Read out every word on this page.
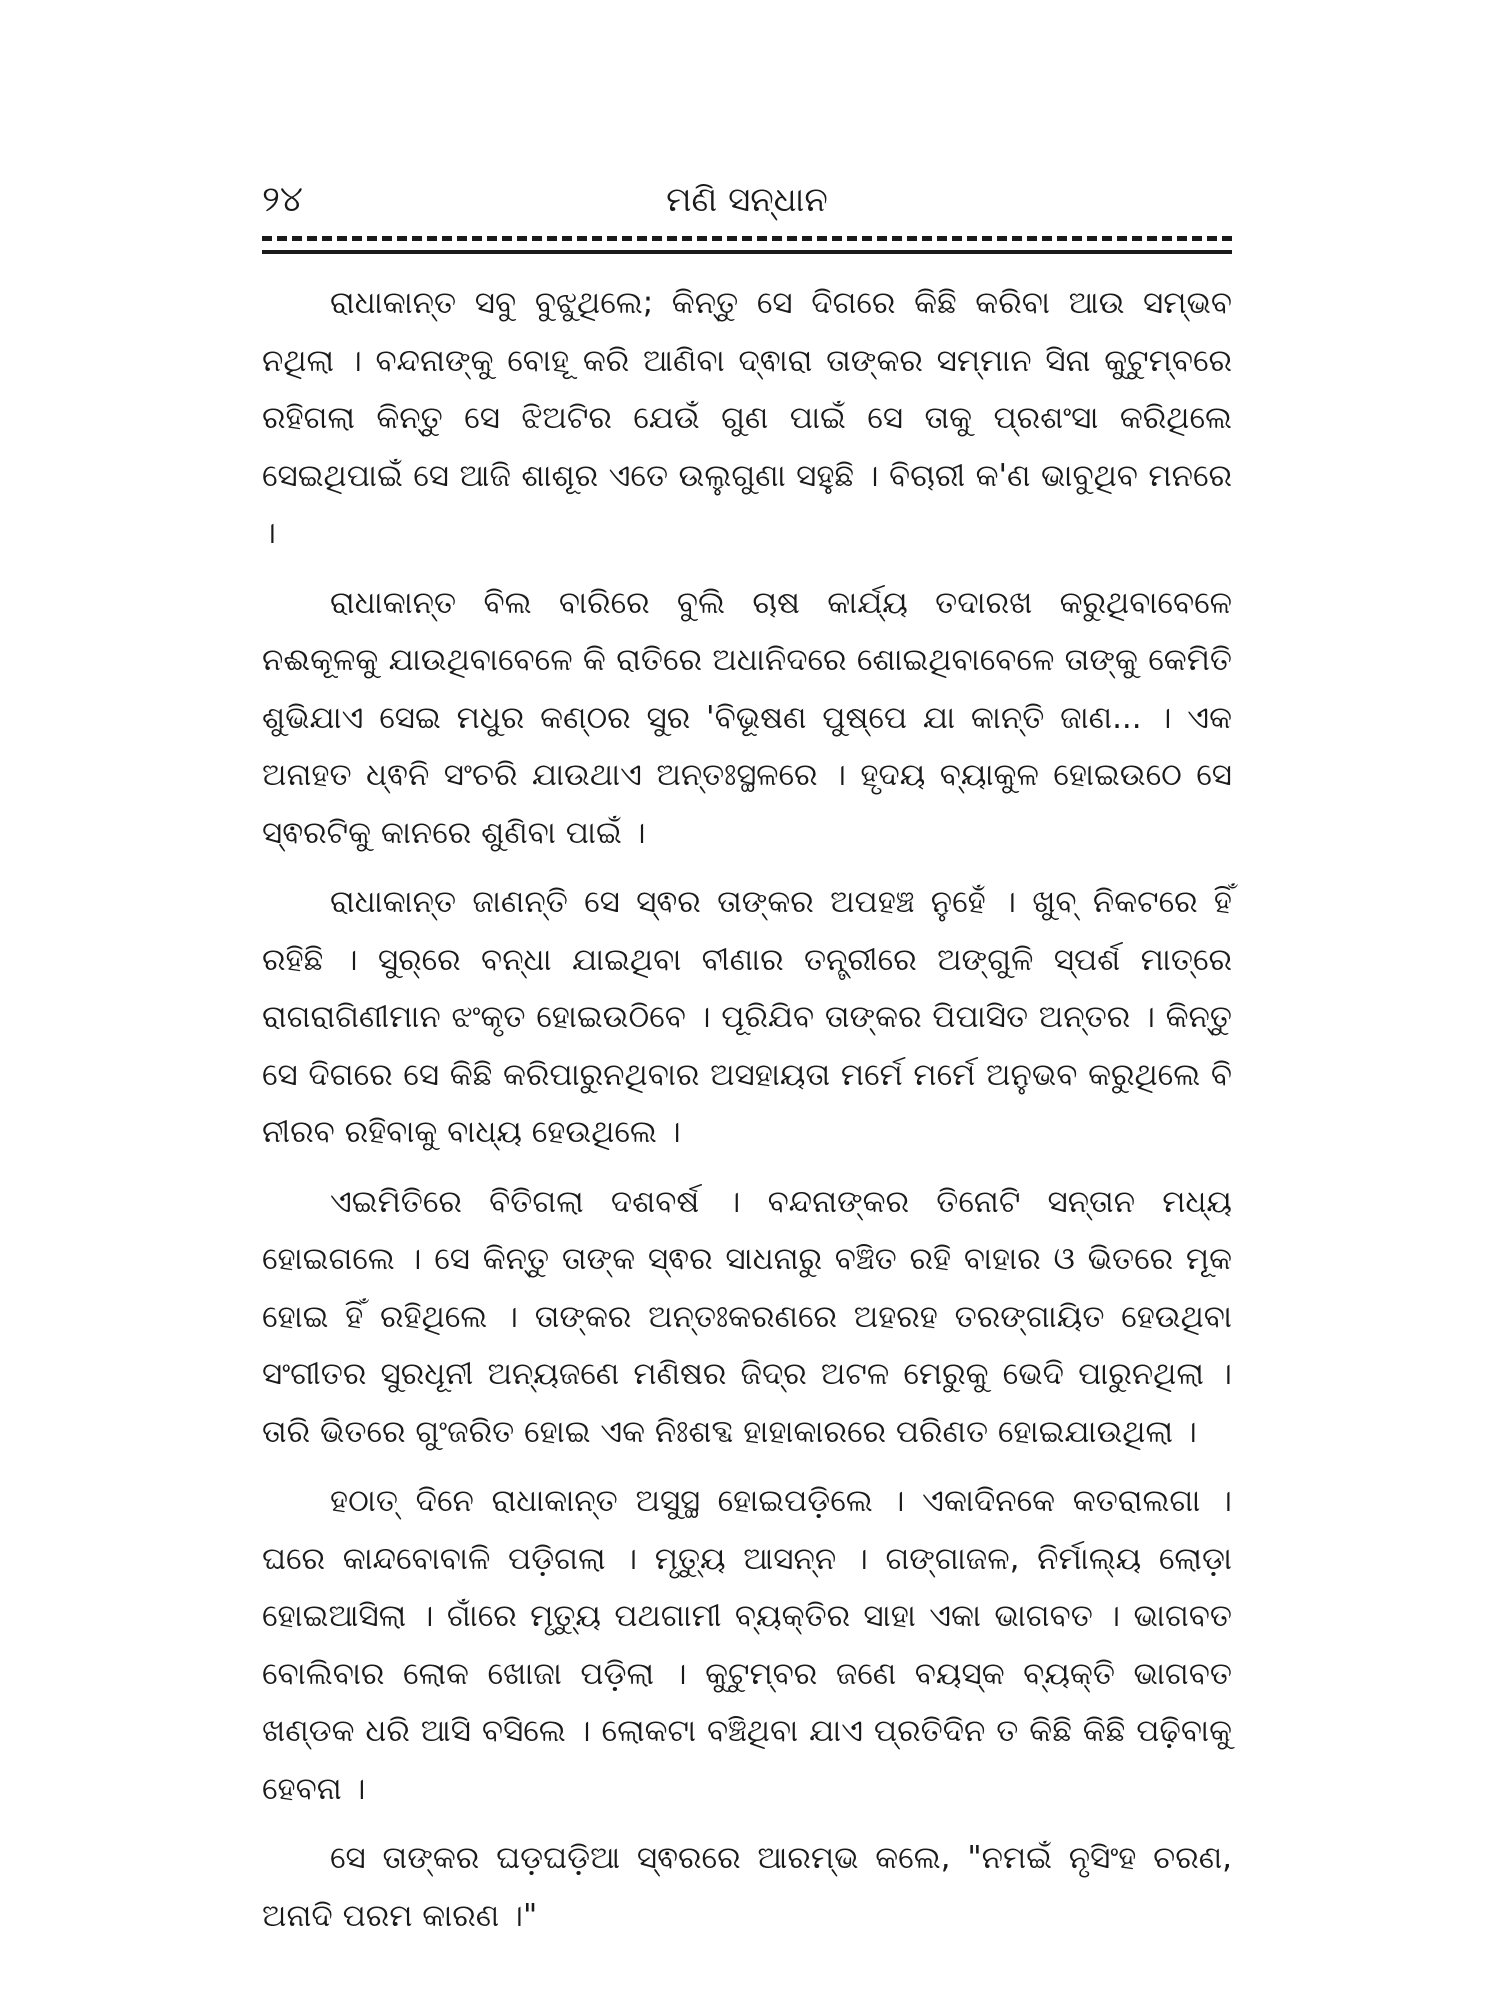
୨୪	ମଣି ସନ୍ଧାନ

ରାଧାକାନ୍ତ ସବୁ ବୁଝୁଥିଲେ; କିନ୍ତୁ ସେ ଦିଗରେ କିଛି କରିବା ଆଉ ସମ୍ଭବ ନଥିଲା । ବନ୍ଦନାଙ୍କୁ ବୋହୂ କରି ଆଣିବା ଦ୍ଵାରା ତାଙ୍କର ସମ୍ମାନ ସିନା କୁଟୁମ୍ବରେ ରହିଗଲା କିନ୍ତୁ ସେ ଝିଅଟିର ଯେଉଁ ଗୁଣ ପାଇଁ ସେ ତାକୁ ପ୍ରଶଂସା କରିଥିଲେ ସେଇଥିପାଇଁ ସେ ଆଜି ଶାଶୂର ଏତେ ଉଲୁଗୁଣା ସହୁଛି । ବିଚାରୀ କ'ଣ ଭାବୁଥିବ ମନରେ ।

ରାଧାକାନ୍ତ ବିଲ ବାରିରେ ବୁଲି ଚାଷ କାର୍ଯ୍ୟ ତଦାରଖ କରୁଥିବାବେଳେ ନଈକୂଳକୁ ଯାଉଥିବାବେଳେ କି ରାତିରେ ଅଧାନିଦରେ ଶୋଇଥିବାବେଳେ ତାଙ୍କୁ କେମିତି ଶୁଭିଯାଏ ସେଇ ମଧୁର କଣ୍ଠର ସୁର 'ବିଭୂଷଣ ପୁଷ୍ପେ ଯା କାନ୍ତି ଜାଣ... । ଏକ ଅନାହତ ଧ୍ଵନି ସଂଚରି ଯାଉଥାଏ ଅନ୍ତଃସ୍ଥଳରେ । ହୃଦୟ ବ୍ୟାକୁଳ ହୋଇଉଠେ ସେ ସ୍ଵରଟିକୁ କାନରେ ଶୁଣିବା ପାଇଁ ।

ରାଧାକାନ୍ତ ଜାଣନ୍ତି ସେ ସ୍ଵର ତାଙ୍କର ଅପହଞ୍ଚ ନୁହେଁ । ଖୁବ୍ ନିକଟରେ ହିଁ ରହିଛି । ସୁର୍‌ରେ ବନ୍ଧା ଯାଇଥିବା ବୀଣାର ତନ୍ତ୍ରୀରେ ଅଙ୍ଗୁଳି ସ୍ପର୍ଶ ମାତ୍ରେ ରାଗରାଗିଣୀମାନ ଝଂକୃତ ହୋଇଉଠିବେ । ପୂରିଯିବ ତାଙ୍କର ପିପାସିତ ଅନ୍ତର । କିନ୍ତୁ ସେ ଦିଗରେ ସେ କିଛି କରିପାରୁନଥିବାର ଅସହାୟତା ମର୍ମେ ମର୍ମେ ଅନୁଭବ କରୁଥିଲେ ବି ନୀରବ ରହିବାକୁ ବାଧ୍ୟ ହେଉଥିଲେ ।

ଏଇମିତିରେ ବିତିଗଲା ଦଶବର୍ଷ । ବନ୍ଦନାଙ୍କର ତିନୋଟି ସନ୍ତାନ ମଧ୍ୟ ହୋଇଗଲେ । ସେ କିନ୍ତୁ ତାଙ୍କ ସ୍ଵର ସାଧନାରୁ ବଞ୍ଚିତ ରହି ବାହାର ଓ ଭିତରେ ମୂକ ହୋଇ ହିଁ ରହିଥିଲେ । ତାଙ୍କର ଅନ୍ତଃକରଣରେ ଅହରହ ତରଙ୍ଗାୟିତ ହେଉଥିବା ସଂଗୀତର ସୁରଧୂନୀ ଅନ୍ୟଜଣେ ମଣିଷର ଜିଦ୍‌ର ଅଟଳ ମେରୁକୁ ଭେଦି ପାରୁନଥିଲା । ତାରି ଭିତରେ ଗୁଂଜରିତ ହୋଇ ଏକ ନିଃଶବ୍ଦ ହାହାକାରରେ ପରିଣତ ହୋଇଯାଉଥିଲା ।

ହଠାତ୍ ଦିନେ ରାଧାକାନ୍ତ ଅସୁସ୍ଥ ହୋଇପଡ଼ିଲେ । ଏକାଦିନକେ କତରାଲଗା । ଘରେ କାନ୍ଦବୋବାଳି ପଡ଼ିଗଲା । ମୃତ୍ୟୁ ଆସନ୍ନ । ଗଙ୍ଗାଜଳ, ନିର୍ମାଲ୍ୟ ଲୋଡ଼ା ହୋଇଆସିଲା । ଗାଁରେ ମୃତ୍ୟୁ ପଥଗାମୀ ବ୍ୟକ୍ତିର ସାହା ଏକା ଭାଗବତ । ଭାଗବତ ବୋଲିବାର ଲୋକ ଖୋଜା ପଡ଼ିଲା । କୁଟୁମ୍ବର ଜଣେ ବୟସ୍କ ବ୍ୟକ୍ତି ଭାଗବତ ଖଣ୍ଡକ ଧରି ଆସି ବସିଲେ । ଲୋକଟା ବଞ୍ଚିଥିବା ଯାଏ ପ୍ରତିଦିନ ତ କିଛି କିଛି ପଢ଼ିବାକୁ ହେବନା ।

ସେ ତାଙ୍କର ଘଡ଼ଘଡ଼ିଆ ସ୍ଵରରେ ଆରମ୍ଭ କଲେ, "ନମଇଁ ନୃସିଂହ ଚରଣ, ଅନାଦି ପରମ କାରଣ ।"
